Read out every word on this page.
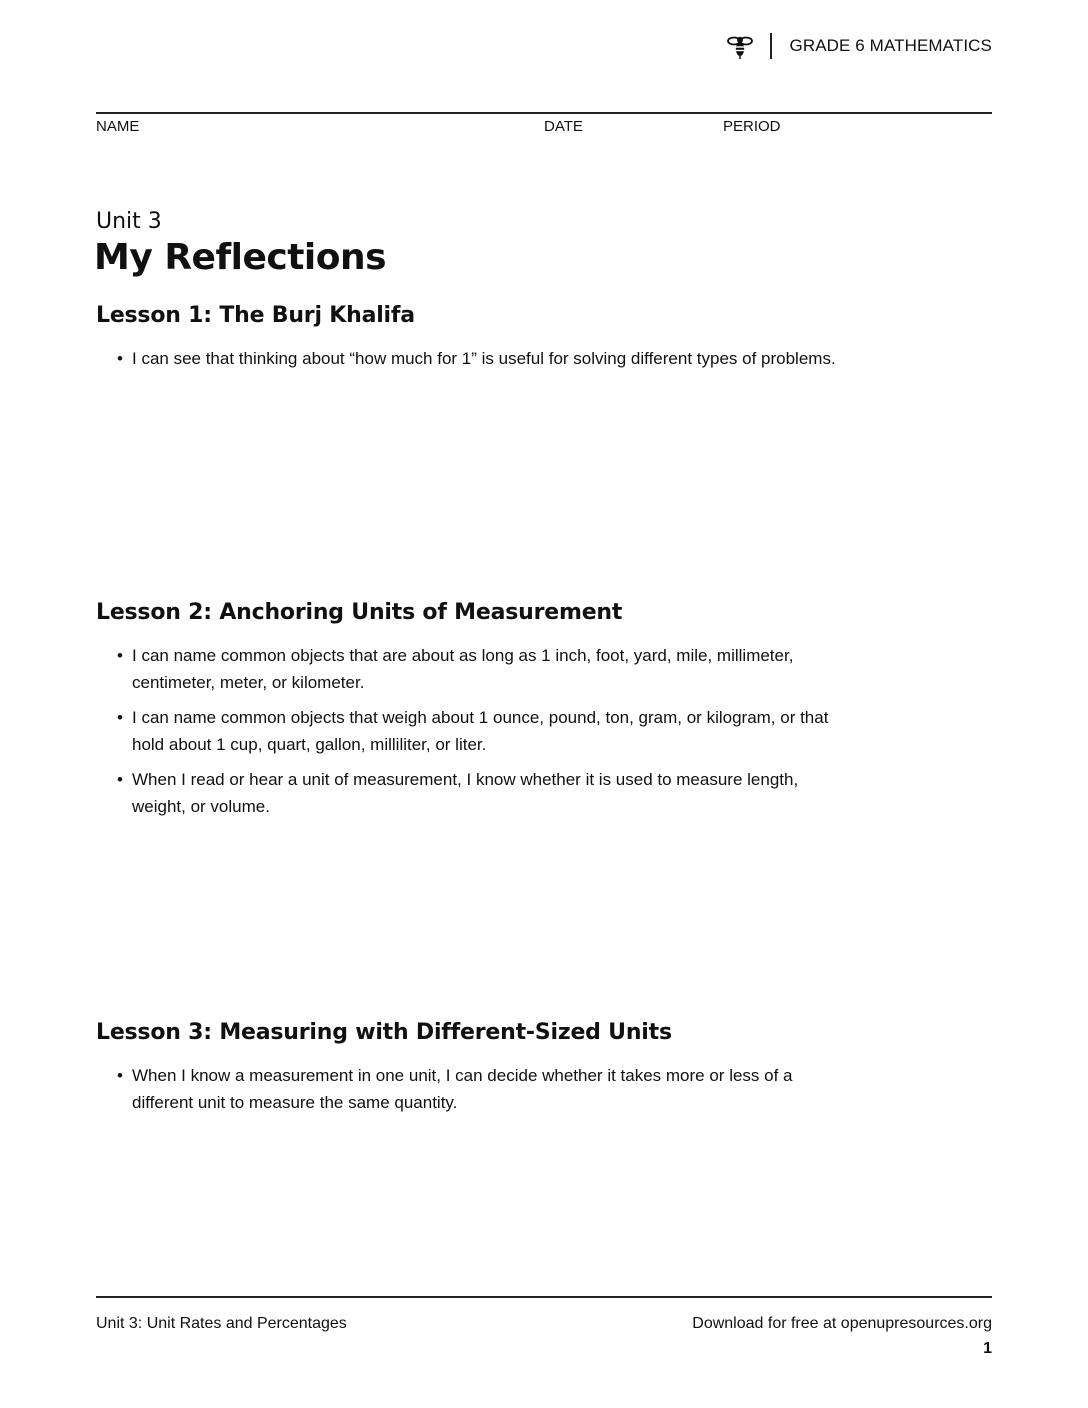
GRADE 6 MATHEMATICS
NAME	DATE	PERIOD
Unit 3
My Reflections
Lesson 1: The Burj Khalifa
• I can see that thinking about “how much for 1” is useful for solving different types of problems.
Lesson 2: Anchoring Units of Measurement
• I can name common objects that are about as long as 1 inch, foot, yard, mile, millimeter, centimeter, meter, or kilometer.
• I can name common objects that weigh about 1 ounce, pound, ton, gram, or kilogram, or that hold about 1 cup, quart, gallon, milliliter, or liter.
• When I read or hear a unit of measurement, I know whether it is used to measure length, weight, or volume.
Lesson 3: Measuring with Different-Sized Units
• When I know a measurement in one unit, I can decide whether it takes more or less of a different unit to measure the same quantity.
Unit 3: Unit Rates and Percentages	Download for free at openupresources.org
1
